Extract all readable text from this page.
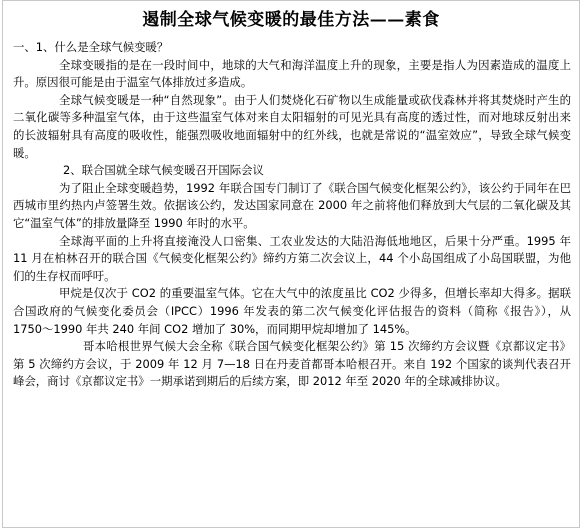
遏制全球气候变暖的最佳方法——素食

一、1、什么是全球气候变暖？

全球变暖指的是在一段时间中，地球的大气和海洋温度上升的现象，主要是指人为因素造成的温度上升。原因很可能是由于温室气体排放过多造成。

全球气候变暖是一种“自然现象”。由于人们焚烧化石矿物以生成能量或砍伐森林并将其焚烧时产生的二氧化碳等多种温室气体，由于这些温室气体对来自太阳辐射的可见光具有高度的透过性，而对地球反射出来的长波辐射具有高度的吸收性，能强烈吸收地面辐射中的红外线，也就是常说的“温室效应”，导致全球气候变暖。

2、联合国就全球气候变暖召开国际会议

为了阻止全球变暖趋势，1992 年联合国专门制订了《联合国气候变化框架公约》，该公约于同年在巴西城市里约热内卢签署生效。依据该公约，发达国家同意在 2000 年之前将他们释放到大气层的二氧化碳及其它“温室气体”的排放量降至 1990 年时的水平。

全球海平面的上升将直接淹没人口密集、工农业发达的大陆沿海低地地区，后果十分严重。1995 年 11 月在柏林召开的联合国《气候变化框架公约》缔约方第二次会议上，44 个小岛国组成了小岛国联盟，为他们的生存权而呼吁。

甲烷是仅次于 CO2 的重要温室气体。它在大气中的浓度虽比 CO2 少得多，但增长率却大得多。据联合国政府的气候变化委员会（IPCC）1996 年发表的第二次气候变化评估报告的资料（简称《报告》），从 1750～1990 年共 240 年间 CO2 增加了 30%，而同期甲烷却增加了 145%。

哥本哈根世界气候大会全称《联合国气候变化框架公约》第 15 次缔约方会议暨《京都议定书》第 5 次缔约方会议，于 2009 年 12 月 7—18 日在丹麦首都哥本哈根召开。来自 192 个国家的谈判代表召开峰会，商讨《京都议定书》一期承诺到期后的后续方案，即 2012 年至 2020 年的全球减排协议。
